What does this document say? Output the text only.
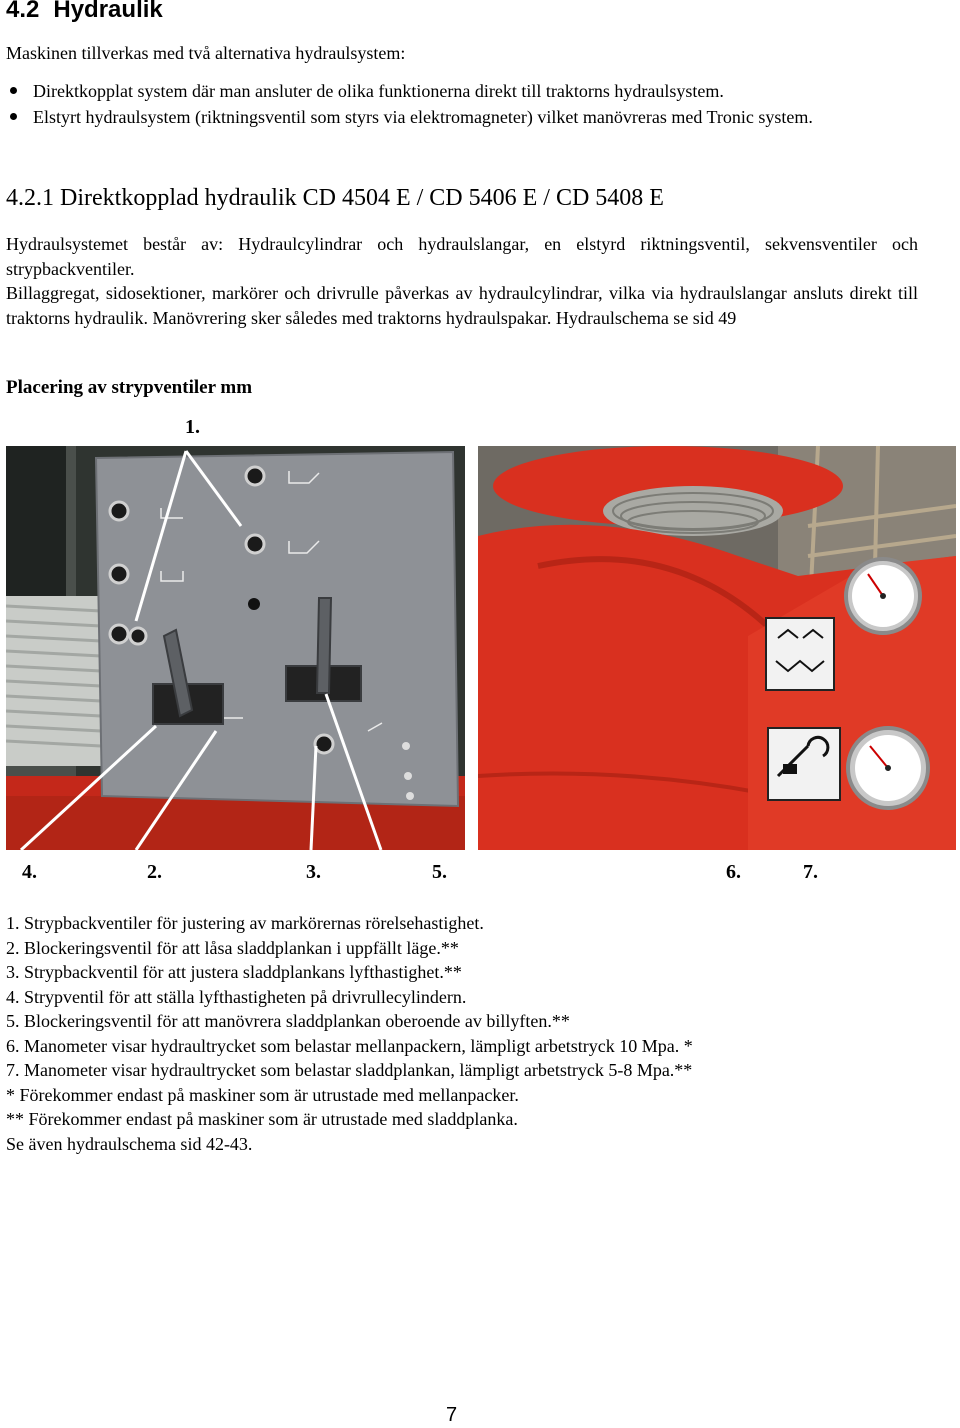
4.2 Hydraulik
Maskinen tillverkas med två alternativa hydraulsystem:
Direktkopplat system där man ansluter de olika funktionerna direkt till traktorns hydraulsystem.
Elstyrt hydraulsystem (riktningsventil som styrs via elektromagneter) vilket manövreras med Tronic system.
4.2.1 Direktkopplad hydraulik CD 4504 E / CD 5406 E / CD 5408 E
Hydraulsystemet består av: Hydraulcylindrar och hydraulslangar, en elstyrd riktningsventil, sekvensventiler och strypbackventiler.
Billaggregat, sidosektioner, markörer och drivrulle påverkas av hydraulcylindrar, vilka via hydraulslangar ansluts direkt till traktorns hydraulik. Manövrering sker således med traktorns hydraulspakar. Hydraulschema se sid 49
Placering av strypventiler mm
1.
4.	2.	3.	5.	6.	7.
1. Strypbackventiler för justering av markörernas rörelsehastighet.
2. Blockeringsventil för att låsa sladdplankan i uppfällt läge.**
3. Strypbackventil för att justera sladdplankans lyfthastighet.**
4. Strypventil för att ställa lyfthastigheten på drivrullecylindern.
5. Blockeringsventil för att manövrera sladdplankan oberoende av billyften.**
6. Manometer visar hydraultrycket som belastar mellanpackern, lämpligt arbetstryck 10 Mpa. *
7. Manometer visar hydraultrycket som belastar sladdplankan, lämpligt arbetstryck 5-8 Mpa.**
* Förekommer endast på maskiner som är utrustade med mellanpacker.
** Förekommer endast på maskiner som är utrustade med sladdplanka.
Se även hydraulschema sid 42-43.
7
